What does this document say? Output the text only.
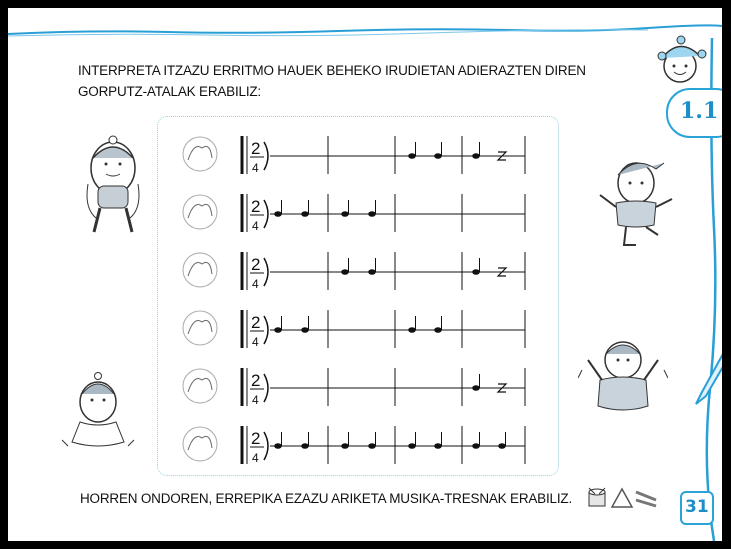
INTERPRETA ITZAZU ERRITMO HAUEK BEHEKO IRUDIETAN ADIERAZTEN DIREN
GORPUTZ-ATALAK ERABILIZ:
1.1
2
4
2
4
2
4
2
4
2
4
2
4
HORREN ONDOREN, ERREPIKA EZAZU ARIKETA MUSIKA-TRESNAK ERABILIZ.	31
